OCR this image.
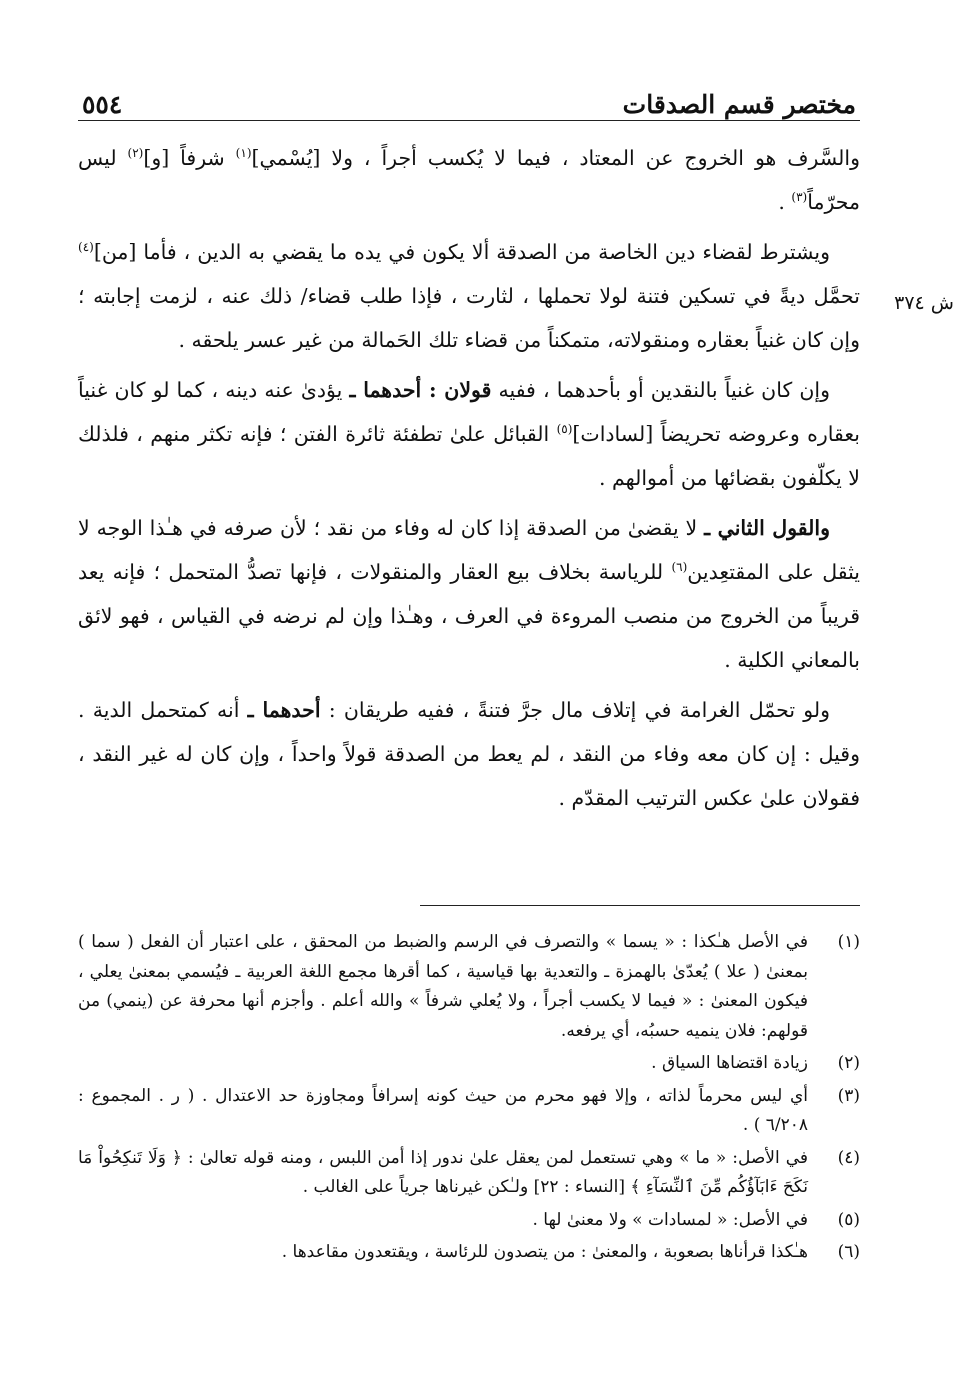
مختصر قسم الصدقات
٥٥٤
ش ٣٧٤

والسَّرف هو الخروج عن المعتاد ، فيما لا يُكسب أجراً ، ولا [يُسْمي]$^{(١)}$ شرفاً [و]$^{(٢)}$ ليس محرّماً$^{(٣)}$ .

ويشترط لقضاء دين الخاصة من الصدقة ألا يكون في يده ما يقضي به الدين ، فأما [من]$^{(٤)}$ تحمَّل ديةً في تسكين فتنة لولا تحملها ، لثارت ، فإذا طلب قضاء/ ذلك عنه ، لزمت إجابته ؛ وإن كان غنياً بعقاره ومنقولاته، متمكناً من قضاء تلك الحَمالة من غير عسر يلحقه .

وإن كان غنياً بالنقدين أو بأحدهما ، ففيه قولان : أحدهما ـ يؤدىٰ عنه دينه ، كما لو كان غنياً بعقاره وعروضه تحريضاً [لسادات]$^{(٥)}$ القبائل علىٰ تطفئة ثائرة الفتن ؛ فإنه تكثر منهم ، فلذلك لا يكلّفون بقضائها من أموالهم .

والقول الثاني ـ لا يقضىٰ من الصدقة إذا كان له وفاء من نقد ؛ لأن صرفه في هـٰذا الوجه لا يثقل على المقتعِدين$^{(٦)}$ للرياسة بخلاف بيع العقار والمنقولات ، فإنها تصدُّ المتحمل ؛ فإنه يعد قريباً من الخروج من منصب المروءة في العرف ، وهـٰذا وإن لم نرضه في القياس ، فهو لائق بالمعاني الكلية .

ولو تحمّل الغرامة في إتلاف مال جرَّ فتنةً ، ففيه طريقان : أحدهما ـ أنه كمتحمل الدية . وقيل : إن كان معه وفاء من النقد ، لم يعط من الصدقة قولاً واحداً ، وإن كان له غير النقد ، فقولان علىٰ عكس الترتيب المقدّم .

(١)
في الأصل هـٰكذا : « يسما » والتصرف في الرسم والضبط من المحقق ، على اعتبار أن الفعل ( سما ) بمعنىٰ ( علا ) يُعدّىٰ بالهمزة ـ والتعدية بها قياسية ، كما أقرها مجمع اللغة العربية ـ فيُسمي بمعنىٰ يعلي ، فيكون المعنىٰ : « فيما لا يكسب أجراً ، ولا يُعلي شرفاً » والله أعلم . وأجزم أنها محرفة عن (ينمي) من قولهم: فلان ينميه حسبُه، أي يرفعه.
(٢)
زيادة اقتضاها السياق .
(٣)
أي ليس محرماً لذاته ، وإلا فهو محرم من حيث كونه إسرافاً ومجاوزة حد الاعتدال . ( ر . المجموع : ٦/٢٠٨ ) .
(٤)
في الأصل: « ما » وهي تستعمل لمن يعقل علىٰ ندور إذا أمن اللبس ، ومنه قوله تعالىٰ : ﴿ وَلَا تَنكِحُواْ مَا نَكَحَ ءَابَآؤُكُم مِّنَ ٱلنِّسَآءِ ﴾ [النساء : ٢٢] ولـٰكن غيرناها جرياً على الغالب .
(٥)
في الأصل: « لمسادات » ولا معنىٰ لها .
(٦)
هـٰكذا قرأناها بصعوبة ، والمعنىٰ : من يتصدون للرئاسة ، ويقتعدون مقاعدها .
